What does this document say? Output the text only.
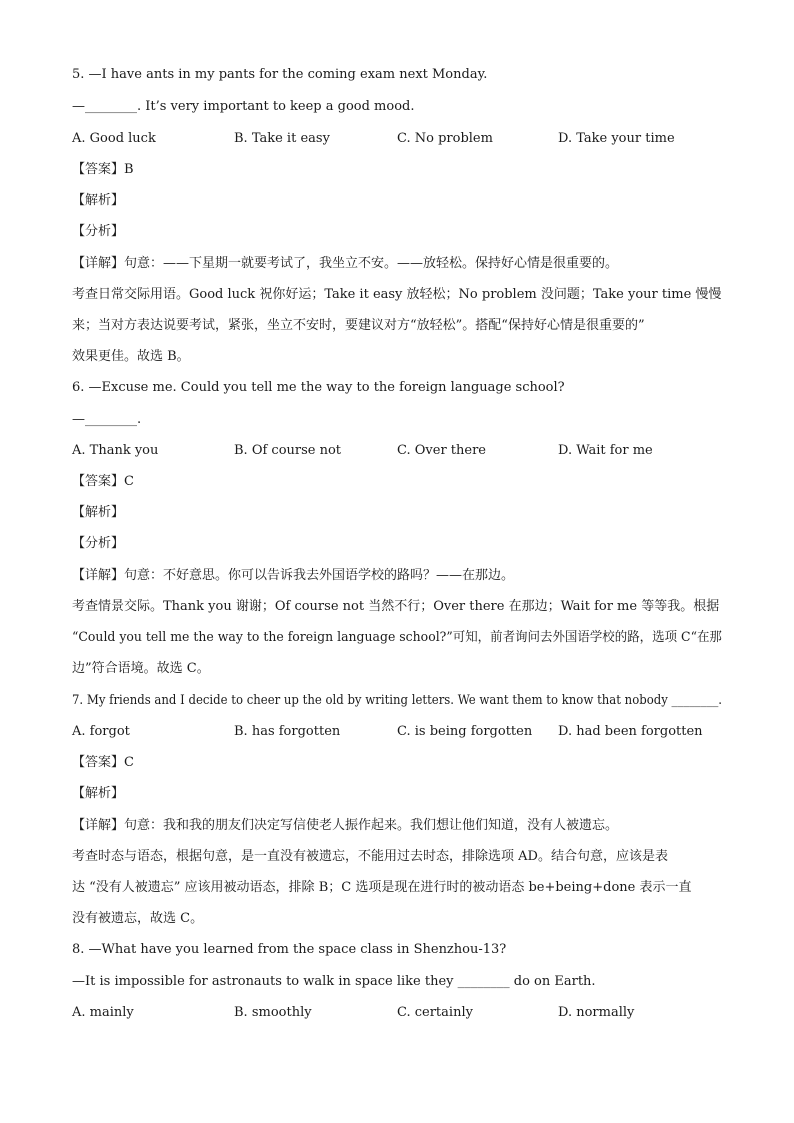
5. —I have ants in my pants for the coming exam next Monday.
—________. It’s very important to keep a good mood.
A. Good luck	B. Take it easy	C. No problem	D. Take your time
【答案】B
【解析】
【分析】
【详解】句意：——下星期一就要考试了，我坐立不安。——放轻松。保持好心情是很重要的。
考查日常交际用语。Good luck 祝你好运；Take it easy 放轻松；No problem 没问题；Take your time 慢慢
来；当对方表达说要考试，紧张，坐立不安时，要建议对方“放轻松”。搭配“保持好心情是很重要的”
效果更佳。故选 B。
6. —Excuse me. Could you tell me the way to the foreign language school?
—________.
A. Thank you	B. Of course not	C. Over there	D. Wait for me
【答案】C
【解析】
【分析】
【详解】句意：不好意思。你可以告诉我去外国语学校的路吗？——在那边。
考查情景交际。Thank you 谢谢；Of course not 当然不行；Over there 在那边；Wait for me 等等我。根据
“Could you tell me the way to the foreign language school?”可知，前者询问去外国语学校的路，选项 C“在那
边”符合语境。故选 C。
7. My friends and I decide to cheer up the old by writing letters. We want them to know that nobody ________.
A. forgot	B. has forgotten	C. is being forgotten D. had been forgotten
【答案】C
【解析】
【详解】句意：我和我的朋友们决定写信使老人振作起来。我们想让他们知道，没有人被遗忘。
考查时态与语态，根据句意，是一直没有被遗忘，不能用过去时态，排除选项 AD。结合句意，应该是表
达 “没有人被遗忘” 应该用被动语态，排除 B；C 选项是现在进行时的被动语态 be+being+done 表示一直
没有被遗忘，故选 C。
8. —What have you learned from the space class in Shenzhou-13?
—It is impossible for astronauts to walk in space like they ________ do on Earth.
A. mainly	B. smoothly	C. certainly	D. normally
